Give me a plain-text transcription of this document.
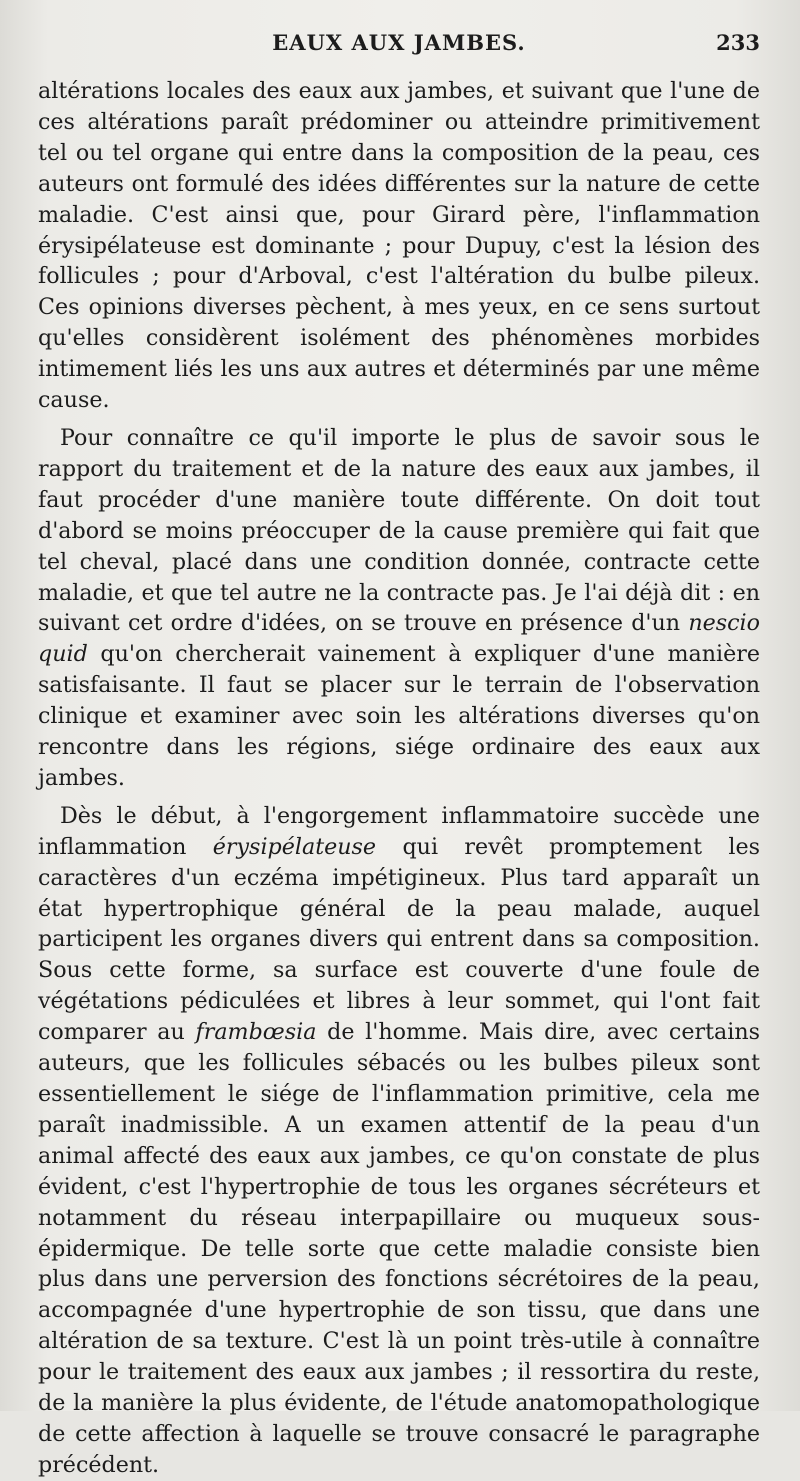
EAUX AUX JAMBES.	233

altérations locales des eaux aux jambes, et suivant que l'une de ces altérations paraît prédominer ou atteindre primitivement tel ou tel organe qui entre dans la composition de la peau, ces auteurs ont formulé des idées différentes sur la nature de cette maladie. C'est ainsi que, pour Girard père, l'inflammation érysipélateuse est dominante ; pour Dupuy, c'est la lésion des follicules ; pour d'Arboval, c'est l'altération du bulbe pileux. Ces opinions diverses pèchent, à mes yeux, en ce sens surtout qu'elles considèrent isolément des phénomènes morbides intimement liés les uns aux autres et déterminés par une même cause.

Pour connaître ce qu'il importe le plus de savoir sous le rapport du traitement et de la nature des eaux aux jambes, il faut procéder d'une manière toute différente. On doit tout d'abord se moins préoccuper de la cause première qui fait que tel cheval, placé dans une condition donnée, contracte cette maladie, et que tel autre ne la contracte pas. Je l'ai déjà dit : en suivant cet ordre d'idées, on se trouve en présence d'un nescio quid qu'on chercherait vainement à expliquer d'une manière satisfaisante. Il faut se placer sur le terrain de l'observation clinique et examiner avec soin les altérations diverses qu'on rencontre dans les régions, siége ordinaire des eaux aux jambes.

Dès le début, à l'engorgement inflammatoire succède une inflammation érysipélateuse qui revêt promptement les caractères d'un eczéma impétigineux. Plus tard apparaît un état hypertrophique général de la peau malade, auquel participent les organes divers qui entrent dans sa composition. Sous cette forme, sa surface est couverte d'une foule de végétations pédiculées et libres à leur sommet, qui l'ont fait comparer au frambœsia de l'homme. Mais dire, avec certains auteurs, que les follicules sébacés ou les bulbes pileux sont essentiellement le siége de l'inflammation primitive, cela me paraît inadmissible. A un examen attentif de la peau d'un animal affecté des eaux aux jambes, ce qu'on constate de plus évident, c'est l'hypertrophie de tous les organes sécréteurs et notamment du réseau interpapillaire ou muqueux sous-épidermique. De telle sorte que cette maladie consiste bien plus dans une perversion des fonctions sécrétoires de la peau, accompagnée d'une hypertrophie de son tissu, que dans une altération de sa texture. C'est là un point très-utile à connaître pour le traitement des eaux aux jambes ; il ressortira du reste, de la manière la plus évidente, de l'étude anatomopathologique de cette affection à laquelle se trouve consacré le paragraphe précédent.
